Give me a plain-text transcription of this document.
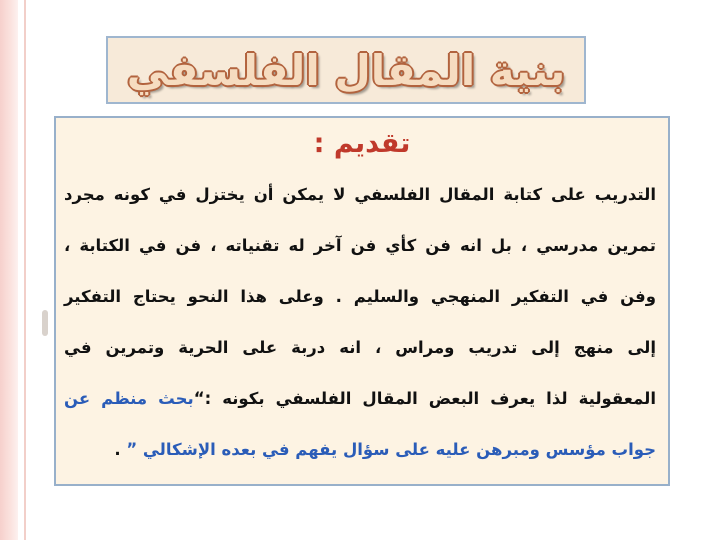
بنية المقال الفلسفي
تقديم :
التدريب على كتابة المقال الفلسفي لا يمكن أن يختزل في كونه مجرد
تمرين مدرسي ، بل انه فن كأي فن آخر له تقنياته ، فن في الكتابة ،
وفن في التفكير المنهجي والسليم . وعلى هذا النحو يحتاج التفكير
إلى منهج إلى تدريب ومراس ، انه دربة على الحرية وتمرين في
المعقولية لذا يعرف البعض المقال الفلسفي بكونه :“بحث منظم عن
جواب مؤسس ومبرهن عليه على سؤال يفهم في بعده الإشكالي ” .
